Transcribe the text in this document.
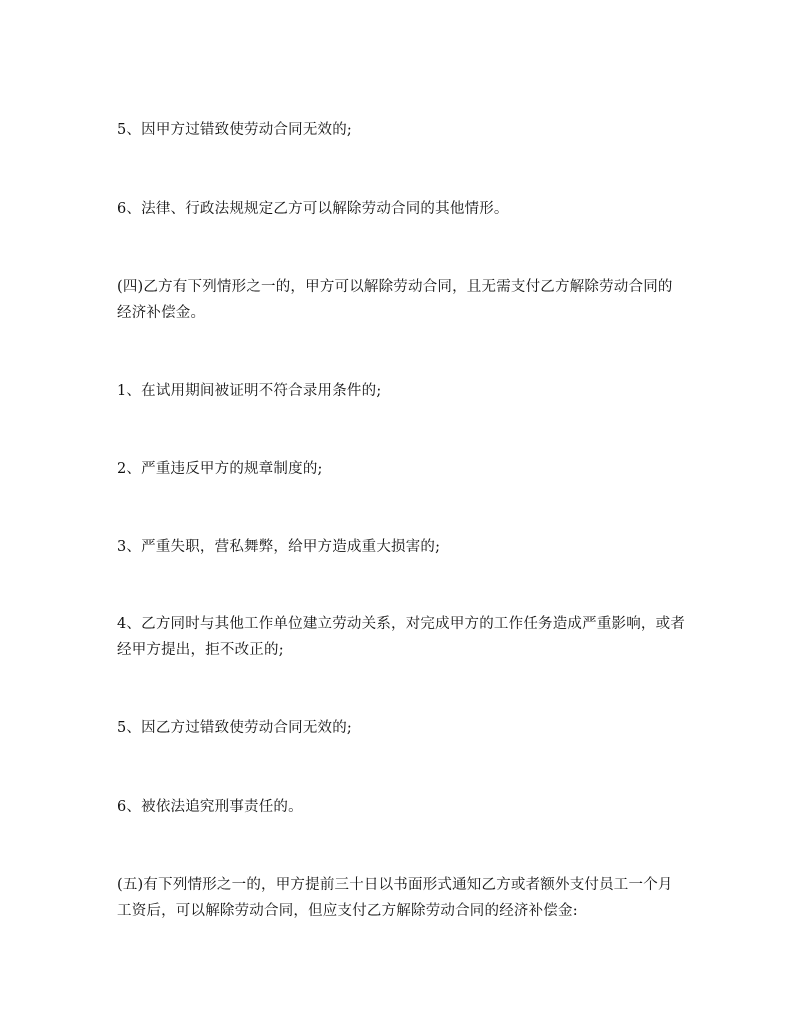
5、因甲方过错致使劳动合同无效的;

6、法律、行政法规规定乙方可以解除劳动合同的其他情形。

(四)乙方有下列情形之一的，甲方可以解除劳动合同，且无需支付乙方解除劳动合同的经济补偿金。

1、在试用期间被证明不符合录用条件的;

2、严重违反甲方的规章制度的;

3、严重失职，营私舞弊，给甲方造成重大损害的;

4、乙方同时与其他工作单位建立劳动关系，对完成甲方的工作任务造成严重影响，或者经甲方提出，拒不改正的;

5、因乙方过错致使劳动合同无效的;

6、被依法追究刑事责任的。

(五)有下列情形之一的，甲方提前三十日以书面形式通知乙方或者额外支付员工一个月工资后，可以解除劳动合同，但应支付乙方解除劳动合同的经济补偿金:
